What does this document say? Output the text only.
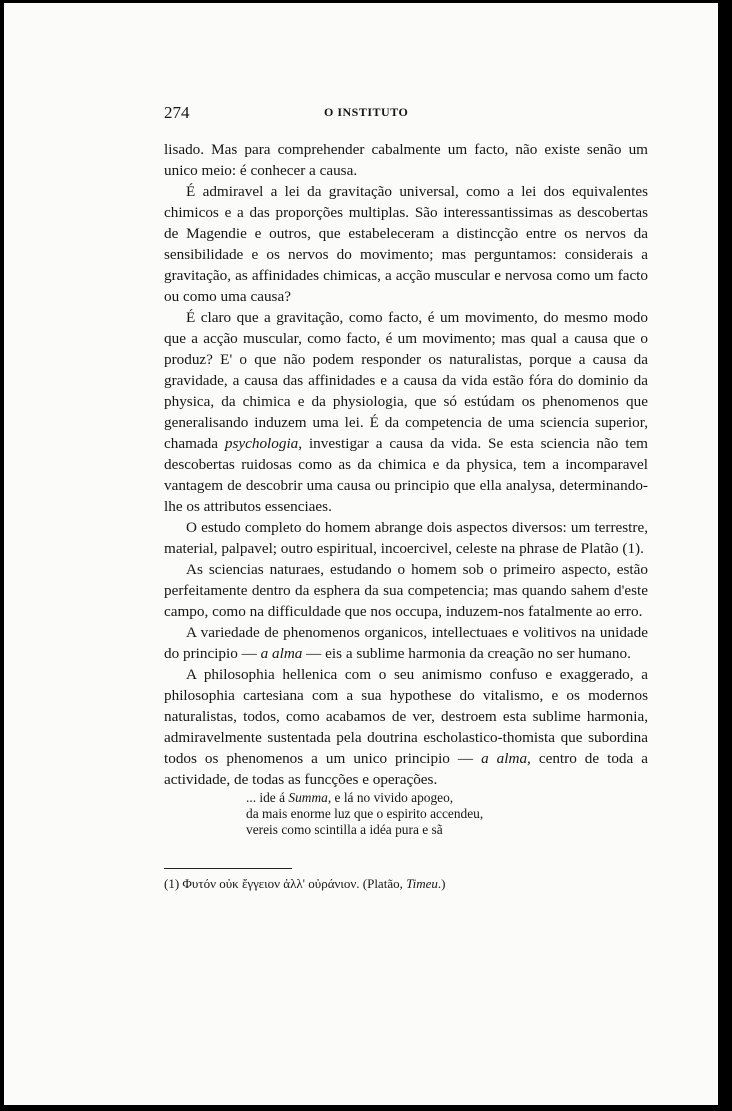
274	O INSTITUTO

lisado. Mas para comprehender cabalmente um facto, não existe senão um unico meio: é conhecer a causa.

É admiravel a lei da gravitação universal, como a lei dos equivalentes chimicos e a das proporções multiplas. São interessantissimas as descobertas de Magendie e outros, que estabeleceram a distincção entre os nervos da sensibilidade e os nervos do movimento; mas perguntamos: considerais a gravitação, as affinidades chimicas, a acção muscular e nervosa como um facto ou como uma causa?

É claro que a gravitação, como facto, é um movimento, do mesmo modo que a acção muscular, como facto, é um movimento; mas qual a causa que o produz? E' o que não podem responder os naturalistas, porque a causa da gravidade, a causa das affinidades e a causa da vida estão fóra do dominio da physica, da chimica e da physiologia, que só estúdam os phenomenos que generalisando induzem uma lei. É da competencia de uma sciencia superior, chamada psychologia, investigar a causa da vida. Se esta sciencia não tem descobertas ruidosas como as da chimica e da physica, tem a incomparavel vantagem de descobrir uma causa ou principio que ella analysa, determinando-lhe os attributos essenciaes.

O estudo completo do homem abrange dois aspectos diversos: um terrestre, material, palpavel; outro espiritual, incoercivel, celeste na phrase de Platão (1).

As sciencias naturaes, estudando o homem sob o primeiro aspecto, estão perfeitamente dentro da esphera da sua competencia; mas quando sahem d'este campo, como na difficuldade que nos occupa, induzem-nos fatalmente ao erro.

A variedade de phenomenos organicos, intellectuaes e volitivos na unidade do principio — a alma — eis a sublime harmonia da creação no ser humano.

A philosophia hellenica com o seu animismo confuso e exaggerado, a philosophia cartesiana com a sua hypothese do vitalismo, e os modernos naturalistas, todos, como acabamos de ver, destroem esta sublime harmonia, admiravelmente sustentada pela doutrina escholastico-thomista que subordina todos os phenomenos a um unico principio — a alma, centro de toda a actividade, de todas as funcções e operações.

... ide á Summa, e lá no vivido apogeo,
da mais enorme luz que o espirito accendeu,
vereis como scintilla a idéa pura e sã
(1) Φυτόν οὐκ ἔγγειον ἀλλ' οὐράνιον. (Platão, Timeu.)
